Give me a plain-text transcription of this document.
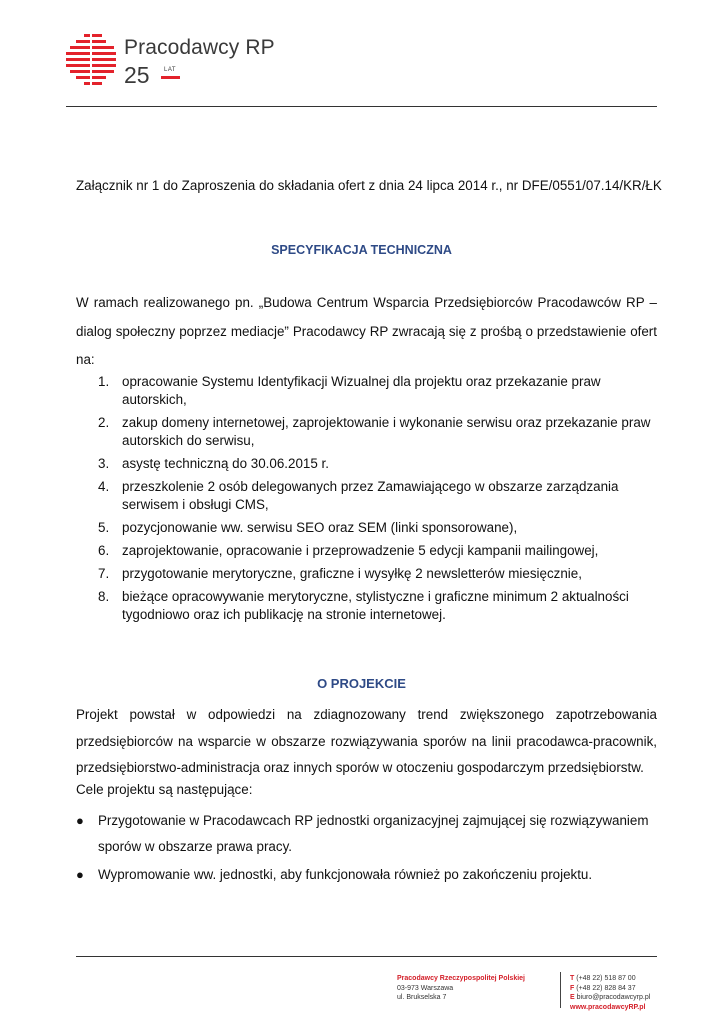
Pracodawcy RP
25 LAT
Załącznik nr 1 do Zaproszenia do składania ofert z dnia 24 lipca 2014 r., nr DFE/0551/07.14/KR/ŁK
SPECYFIKACJA TECHNICZNA
W ramach realizowanego pn. „Budowa Centrum Wsparcia Przedsiębiorców Pracodawców RP – dialog społeczny poprzez mediacje” Pracodawcy RP zwracają się z prośbą o przedstawienie ofert na:
1. opracowanie Systemu Identyfikacji Wizualnej dla projektu oraz przekazanie praw autorskich,
2. zakup domeny internetowej, zaprojektowanie i wykonanie serwisu oraz przekazanie praw autorskich do serwisu,
3. asystę techniczną do 30.06.2015 r.
4. przeszkolenie 2 osób delegowanych przez Zamawiającego w obszarze zarządzania serwisem i obsługi CMS,
5. pozycjonowanie ww. serwisu SEO oraz SEM (linki sponsorowane),
6. zaprojektowanie, opracowanie i przeprowadzenie 5 edycji kampanii mailingowej,
7. przygotowanie merytoryczne, graficzne i wysyłkę 2 newsletterów miesięcznie,
8. bieżące opracowywanie merytoryczne, stylistyczne i graficzne minimum 2 aktualności tygodniowo oraz ich publikację na stronie internetowej.
O PROJEKCIE
Projekt powstał w odpowiedzi na zdiagnozowany trend zwiększonego zapotrzebowania przedsiębiorców na wsparcie w obszarze rozwiązywania sporów na linii pracodawca-pracownik, przedsiębiorstwo-administracja oraz innych sporów w otoczeniu gospodarczym przedsiębiorstw.
Cele projektu są następujące:
● Przygotowanie w Pracodawcach RP jednostki organizacyjnej zajmującej się rozwiązywaniem sporów w obszarze prawa pracy.
● Wypromowanie ww. jednostki, aby funkcjonowała również po zakończeniu projektu.
Pracodawcy Rzeczypospolitej Polskiej
03-973 Warszawa
ul. Brukselska 7
T (+48 22) 518 87 00
F (+48 22) 828 84 37
E biuro@pracodawcyrp.pl
www.pracodawcyRP.pl
